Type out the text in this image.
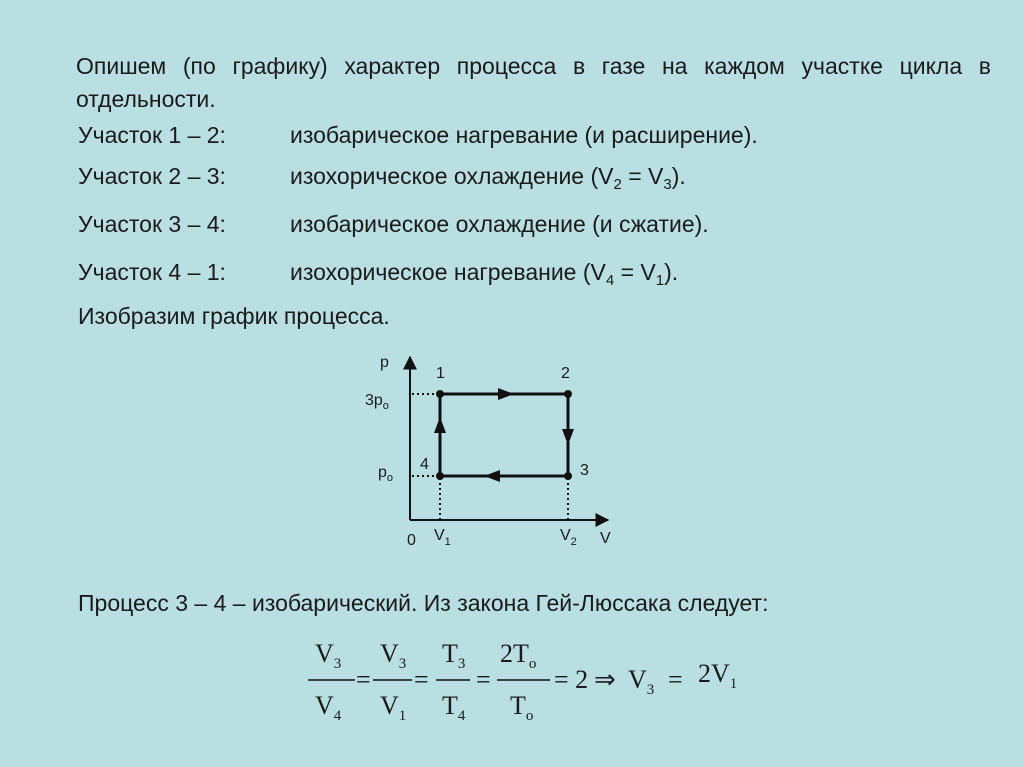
Опишем (по графику) характер процесса в газе на каждом участке цикла в отдельности.
Участок 1 – 2:	изобарическое нагревание (и расширение).
Участок 2 – 3:	изохорическое охлаждение $(V_2 = V_3)$.
Участок 3 – 4:	изобарическое охлаждение (и сжатие).
Участок 4 – 1:	изохорическое нагревание $(V_4 = V_1)$.
Изобразим график процесса.
p
V
0
$3p_o$
$p_o$
$V_1$	$V_2$
1	2
3
4
Процесс 3 – 4 – изобарический. Из закона Гей-Люссака следует:
$V_3$
$V_4$
=
$V_3$
$V_1$
=
$T_3$
$T_4$
=
$2T_o$
$T_o$
= 2 ⇒ $V_3 = 2V_1$
